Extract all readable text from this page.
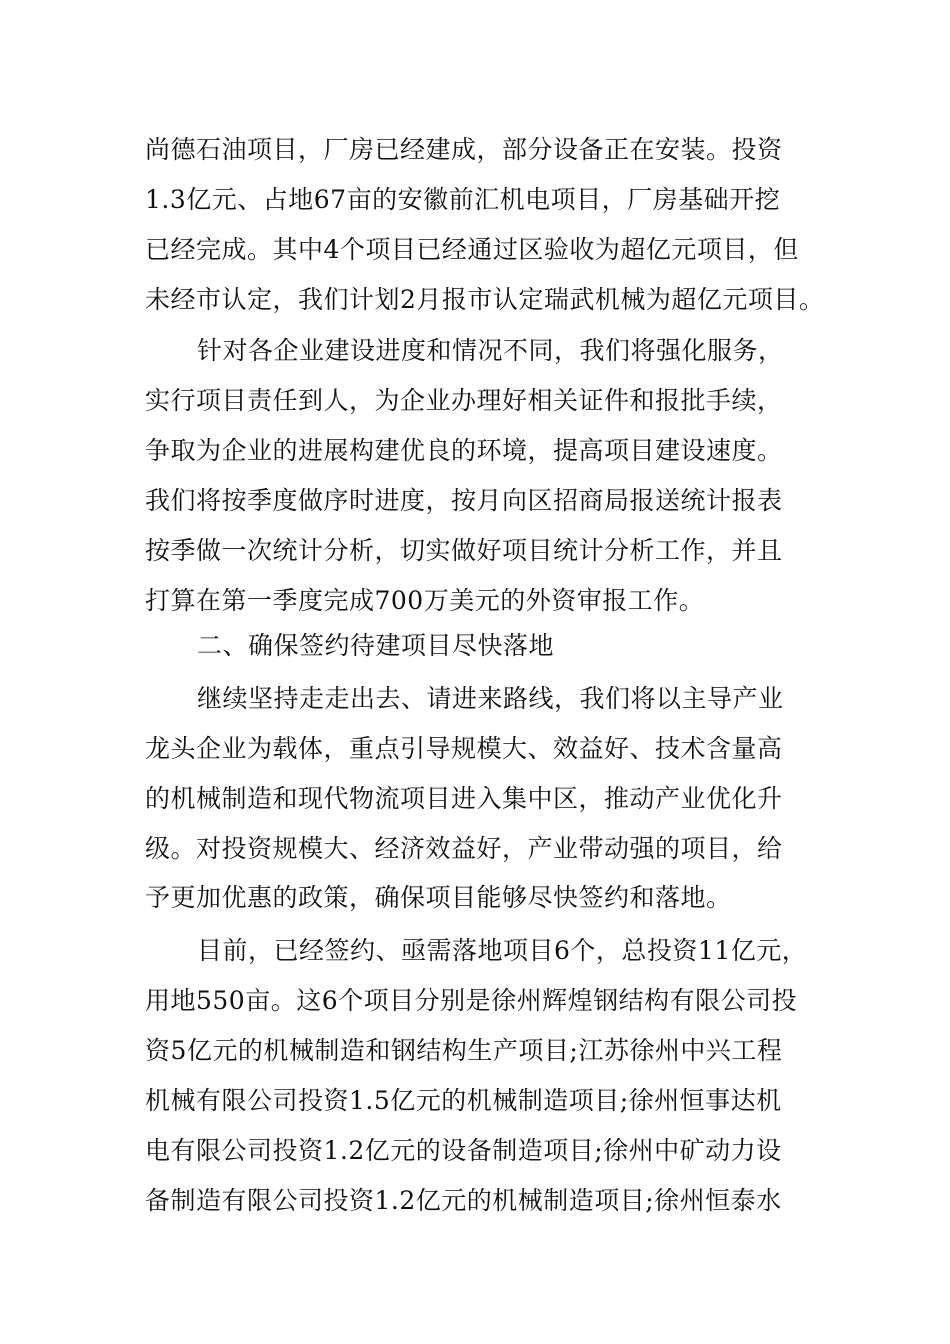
尚德石油项目，厂房已经建成，部分设备正在安装。投资
1.3亿元、占地67亩的安徽前汇机电项目，厂房基础开挖
已经完成。其中4个项目已经通过区验收为超亿元项目，但
未经市认定，我们计划2月报市认定瑞武机械为超亿元项目。
针对各企业建设进度和情况不同，我们将强化服务，
实行项目责任到人，为企业办理好相关证件和报批手续，
争取为企业的进展构建优良的环境，提高项目建设速度。
我们将按季度做序时进度，按月向区招商局报送统计报表
按季做一次统计分析，切实做好项目统计分析工作，并且
打算在第一季度完成700万美元的外资审报工作。
二、确保签约待建项目尽快落地
继续坚持走走出去、请进来路线，我们将以主导产业
龙头企业为载体，重点引导规模大、效益好、技术含量高
的机械制造和现代物流项目进入集中区，推动产业优化升
级。对投资规模大、经济效益好，产业带动强的项目，给
予更加优惠的政策，确保项目能够尽快签约和落地。
目前，已经签约、亟需落地项目6个，总投资11亿元，
用地550亩。这6个项目分别是徐州辉煌钢结构有限公司投
资5亿元的机械制造和钢结构生产项目;江苏徐州中兴工程
机械有限公司投资1.5亿元的机械制造项目;徐州恒事达机
电有限公司投资1.2亿元的设备制造项目;徐州中矿动力设
备制造有限公司投资1.2亿元的机械制造项目;徐州恒泰水
